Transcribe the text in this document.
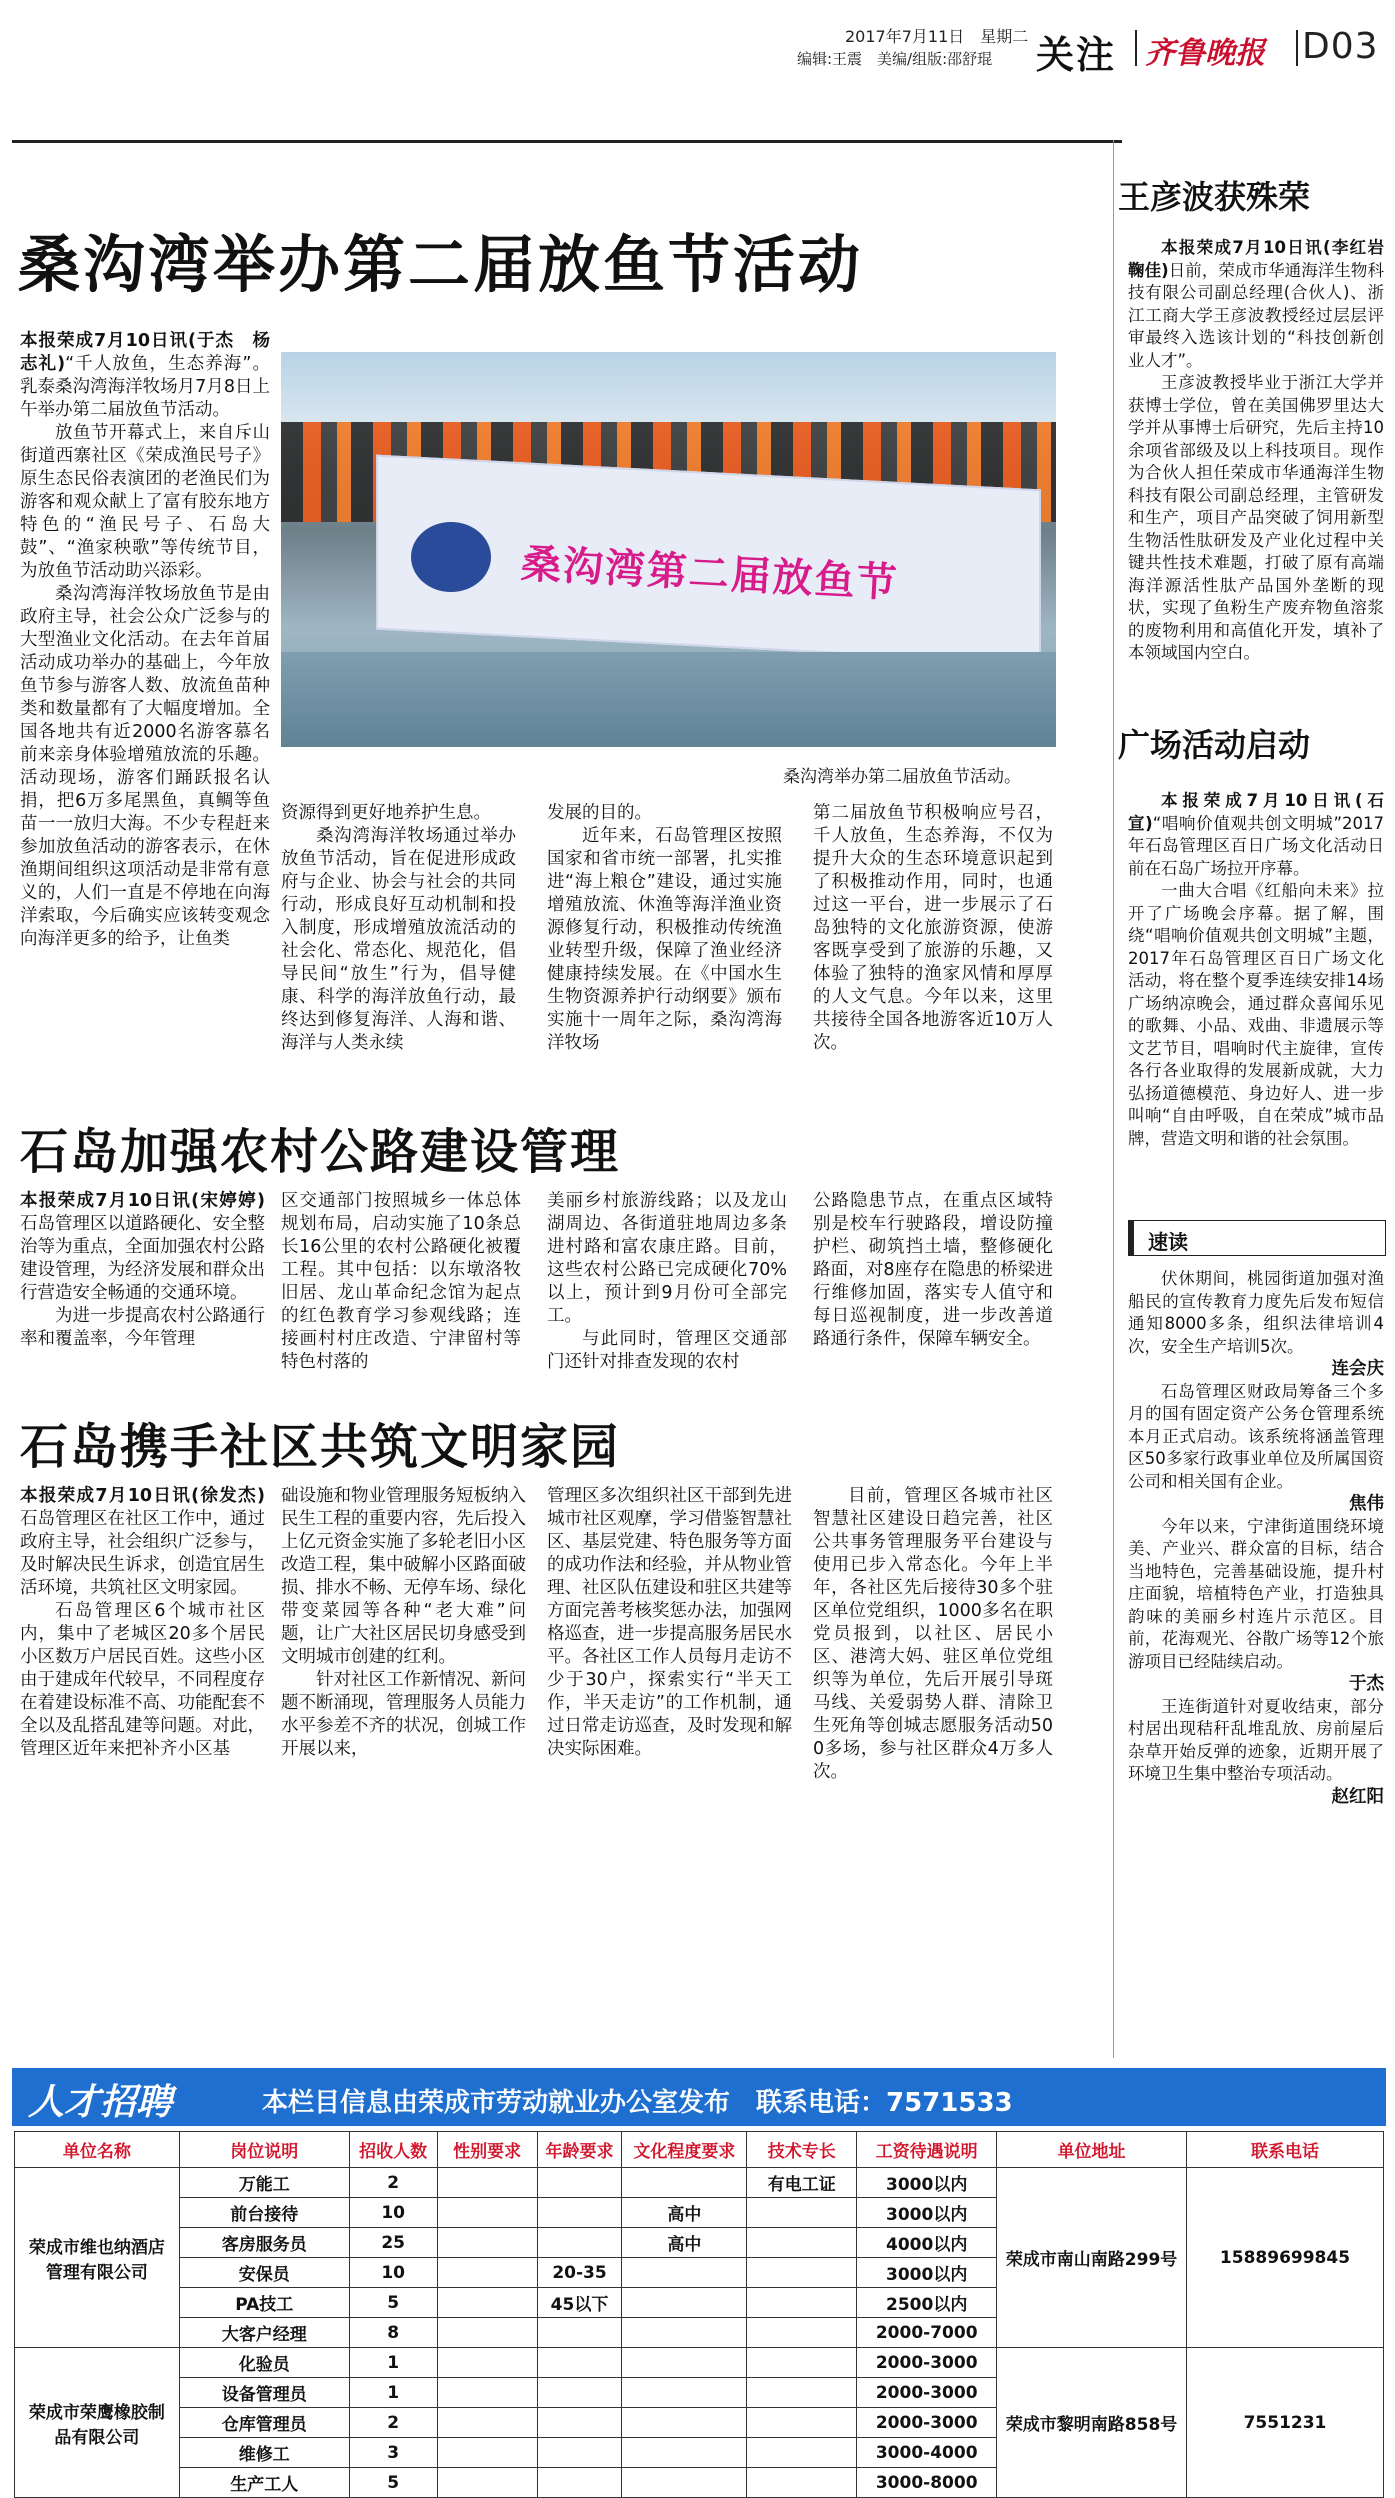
2017年7月11日　星期二
编辑:王震　美编/组版:邵舒琨 关注 齐鲁晚报 D03
桑沟湾举办第二届放鱼节活动

本报荣成7月10日讯(于杰　杨志礼)“千人放鱼，生态养海”。乳泰桑沟湾海洋牧场月7月8日上午举办第二届放鱼节活动。

放鱼节开幕式上，来自斥山街道西寨社区《荣成渔民号子》原生态民俗表演团的老渔民们为游客和观众献上了富有胶东地方特色的“渔民号子、石岛大鼓”、“渔家秧歌”等传统节目，为放鱼节活动助兴添彩。

桑沟湾海洋牧场放鱼节是由政府主导，社会公众广泛参与的大型渔业文化活动。在去年首届活动成功举办的基础上，今年放鱼节参与游客人数、放流鱼苗种类和数量都有了大幅度增加。全国各地共有近2000名游客慕名前来亲身体验增殖放流的乐趣。活动现场，游客们踊跃报名认捐，把6万多尾黑鱼，真鲷等鱼苗一一放归大海。不少专程赶来参加放鱼活动的游客表示，在休渔期间组织这项活动是非常有意义的，人们一直是不停地在向海洋索取，今后确实应该转变观念向海洋更多的给予，让鱼类

桑沟湾第二届放鱼节
桑沟湾举办第二届放鱼节活动。

资源得到更好地养护生息。

桑沟湾海洋牧场通过举办放鱼节活动，旨在促进形成政府与企业、协会与社会的共同行动，形成良好互动机制和投入制度，形成增殖放流活动的社会化、常态化、规范化，倡导民间“放生”行为，倡导健康、科学的海洋放鱼行动，最终达到修复海洋、人海和谐、海洋与人类永续

发展的目的。

近年来，石岛管理区按照国家和省市统一部署，扎实推进“海上粮仓”建设，通过实施增殖放流、休渔等海洋渔业资源修复行动，积极推动传统渔业转型升级，保障了渔业经济健康持续发展。在《中国水生生物资源养护行动纲要》颁布实施十一周年之际，桑沟湾海洋牧场

第二届放鱼节积极响应号召，千人放鱼，生态养海，不仅为提升大众的生态环境意识起到了积极推动作用，同时，也通过这一平台，进一步展示了石岛独特的文化旅游资源，使游客既享受到了旅游的乐趣，又体验了独特的渔家风情和厚厚的人文气息。今年以来，这里共接待全国各地游客近10万人次。

石岛加强农村公路建设管理

本报荣成7月10日讯(宋婷婷)石岛管理区以道路硬化、安全整治等为重点，全面加强农村公路建设管理，为经济发展和群众出行营造安全畅通的交通环境。

为进一步提高农村公路通行率和覆盖率，今年管理

区交通部门按照城乡一体总体规划布局，启动实施了10条总长16公里的农村公路硬化被覆工程。其中包括：以东墩洛牧旧居、龙山革命纪念馆为起点的红色教育学习参观线路；连接画村村庄改造、宁津留村等特色村落的

美丽乡村旅游线路；以及龙山湖周边、各街道驻地周边多条进村路和富农康庄路。目前，这些农村公路已完成硬化70%以上，预计到9月份可全部完工。

与此同时，管理区交通部门还针对排查发现的农村

公路隐患节点，在重点区域特别是校车行驶路段，增设防撞护栏、砌筑挡土墙，整修硬化路面，对8座存在隐患的桥梁进行维修加固，落实专人值守和每日巡视制度，进一步改善道路通行条件，保障车辆安全。

石岛携手社区共筑文明家园

本报荣成7月10日讯(徐发杰)石岛管理区在社区工作中，通过政府主导，社会组织广泛参与，及时解决民生诉求，创造宜居生活环境，共筑社区文明家园。

石岛管理区6个城市社区内，集中了老城区20多个居民小区数万户居民百姓。这些小区由于建成年代较早，不同程度存在着建设标准不高、功能配套不全以及乱搭乱建等问题。对此，管理区近年来把补齐小区基

础设施和物业管理服务短板纳入民生工程的重要内容，先后投入上亿元资金实施了多轮老旧小区改造工程，集中破解小区路面破损、排水不畅、无停车场、绿化带变菜园等各种“老大难”问题，让广大社区居民切身感受到文明城市创建的红利。

针对社区工作新情况、新问题不断涌现，管理服务人员能力水平参差不齐的状况，创城工作开展以来，

管理区多次组织社区干部到先进城市社区观摩，学习借鉴智慧社区、基层党建、特色服务等方面的成功作法和经验，并从物业管理、社区队伍建设和驻区共建等方面完善考核奖惩办法，加强网格巡查，进一步提高服务居民水平。各社区工作人员每月走访不少于30户，探索实行“半天工作，半天走访”的工作机制，通过日常走访巡查，及时发现和解决实际困难。

目前，管理区各城市社区智慧社区建设日趋完善，社区公共事务管理服务平台建设与使用已步入常态化。今年上半年，各社区先后接待30多个驻区单位党组织，1000多名在职党员报到，以社区、居民小区、港湾大妈、驻区单位党组织等为单位，先后开展引导斑马线、关爱弱势人群、清除卫生死角等创城志愿服务活动500多场，参与社区群众4万多人次。

王彦波获殊荣

本报荣成7月10日讯(李红岩 鞠佳)日前，荣成市华通海洋生物科技有限公司副总经理(合伙人)、浙江工商大学王彦波教授经过层层评审最终入选该计划的“科技创新创业人才”。

王彦波教授毕业于浙江大学并获博士学位，曾在美国佛罗里达大学并从事博士后研究，先后主持10余项省部级及以上科技项目。现作为合伙人担任荣成市华通海洋生物科技有限公司副总经理，主管研发和生产，项目产品突破了饲用新型生物活性肽研发及产业化过程中关键共性技术难题，打破了原有高端海洋源活性肽产品国外垄断的现状，实现了鱼粉生产废弃物鱼溶浆的废物利用和高值化开发，填补了本领域国内空白。

广场活动启动

本报荣成7月10日讯(石宣)“唱响价值观共创文明城”2017年石岛管理区百日广场文化活动日前在石岛广场拉开序幕。

一曲大合唱《红船向未来》拉开了广场晚会序幕。据了解，围绕“唱响价值观共创文明城”主题，2017年石岛管理区百日广场文化活动，将在整个夏季连续安排14场广场纳凉晚会，通过群众喜闻乐见的歌舞、小品、戏曲、非遗展示等文艺节目，唱响时代主旋律，宣传各行各业取得的发展新成就，大力弘扬道德模范、身边好人、进一步叫响“自由呼吸，自在荣成”城市品牌，营造文明和谐的社会氛围。

速读

伏休期间，桃园街道加强对渔船民的宣传教育力度先后发布短信通知8000多条，组织法律培训4次，安全生产培训5次。

连会庆

石岛管理区财政局筹备三个多月的国有固定资产公务仓管理系统本月正式启动。该系统将涵盖管理区50多家行政事业单位及所属国资公司和相关国有企业。

焦伟

今年以来，宁津街道围绕环境美、产业兴、群众富的目标，结合当地特色，完善基础设施，提升村庄面貌，培植特色产业，打造独具韵味的美丽乡村连片示范区。目前，花海观光、谷散广场等12个旅游项目已经陆续启动。

于杰

王连街道针对夏收结束，部分村居出现秸秆乱堆乱放、房前屋后杂草开始反弹的迹象，近期开展了环境卫生集中整治专项活动。

赵红阳
人才招聘	本栏目信息由荣成市劳动就业办公室发布　联系电话：7571533
单位名称	岗位说明	招收人数	性别要求	年龄要求	文化程度要求	技术专长	工资待遇说明	单位地址	联系电话
荣成市维也纳酒店管理有限公司	万能工	2				有电工证	3000以内	荣成市南山南路299号	15889699845
	前台接待	10			高中		3000以内		
	客房服务员	25			高中		4000以内		
	安保员	10		20-35			3000以内		
	PA技工	5		45以下			2500以内		
	大客户经理	8					2000-7000		
荣成市荣鹰橡胶制品有限公司	化验员	1					2000-3000	荣成市黎明南路858号	7551231
	设备管理员	1					2000-3000		
	仓库管理员	2					2000-3000		
	维修工	3					3000-4000		
	生产工人	5					3000-8000		
